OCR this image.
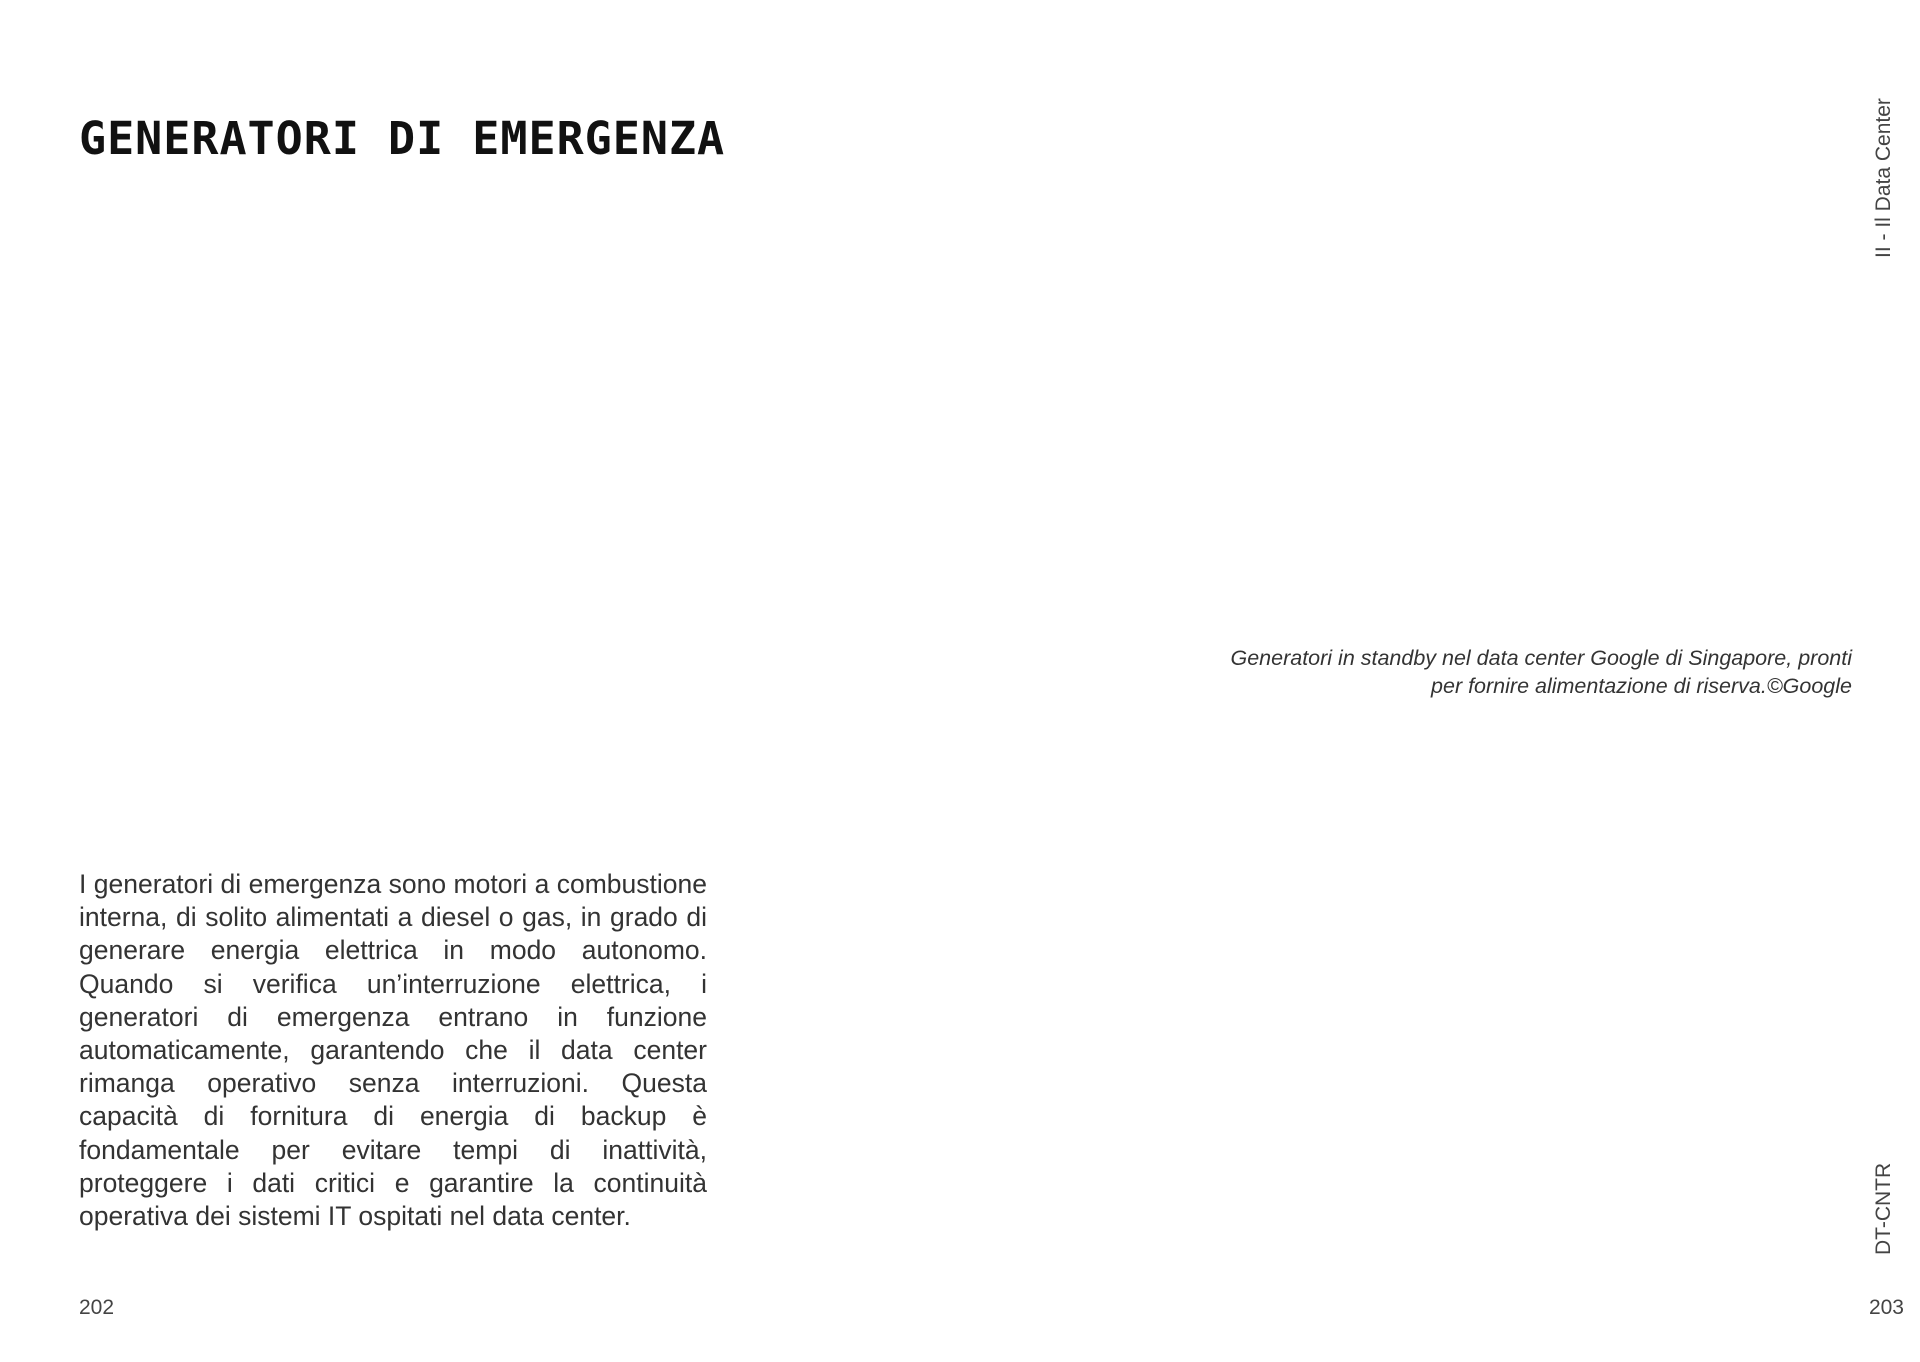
GENERATORI DI EMERGENZA

I generatori di emergenza sono motori a combustione interna, di solito alimentati a diesel o gas, in grado di generare energia elettrica in modo autonomo. Quando si verifica un’interruzione elettrica, i generatori di emergenza entrano in funzione automaticamente, garantendo che il data center rimanga operativo senza interruzioni. Questa capacità di fornitura di energia di backup è fondamentale per evitare tempi di inattività, proteggere i dati critici e garantire la continuità operativa dei sistemi IT ospitati nel data center.

202
II - Il Data Center
Generatori in standby nel data center Google di Singapore, pronti
per fornire alimentazione di riserva.©Google
DT-CNTR
203
